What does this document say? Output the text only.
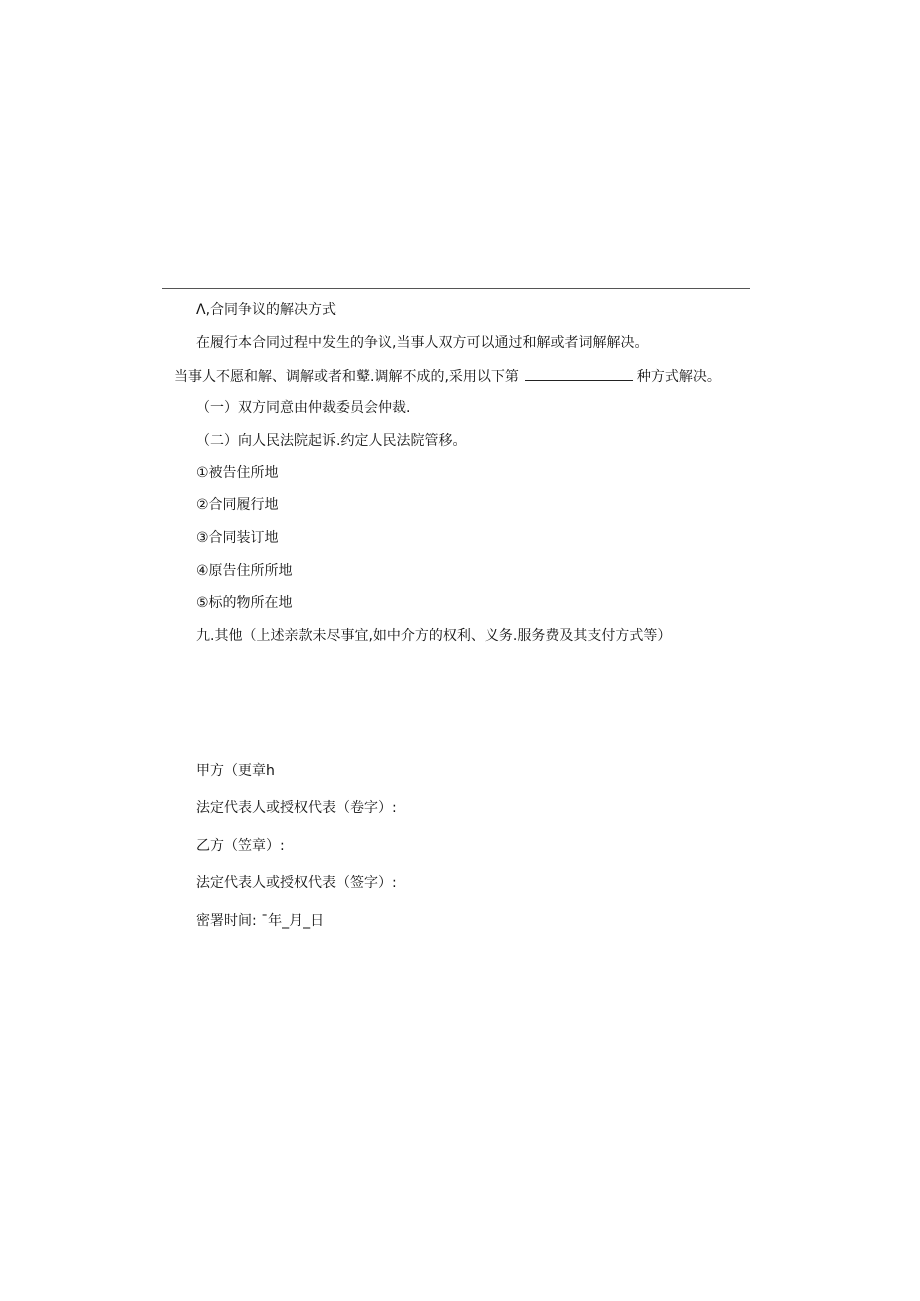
Λ,合同争议的解决方式
在履行本合同过程中发生的争议,当事人双方可以通过和解或者词解解决。
当事人不愿和解、调解或者和鼙.调解不成的,采用以下第	种方式解决。
（一）双方同意由仲裁委员会仲裁.
（二）向人民法院起诉.约定人民法院管移。
①被告住所地
②合同履行地
③合同装订地
④原告住所所地
⑤标的物所在地
九.其他（上述亲款未尽事宜,如中介方的权利、义务.服务费及其支付方式等）
甲方（更章h
法定代表人或授权代表（卷字）:
乙方（笠章）:
法定代表人或授权代表（签字）:
密署时间: ¯年_月_日
